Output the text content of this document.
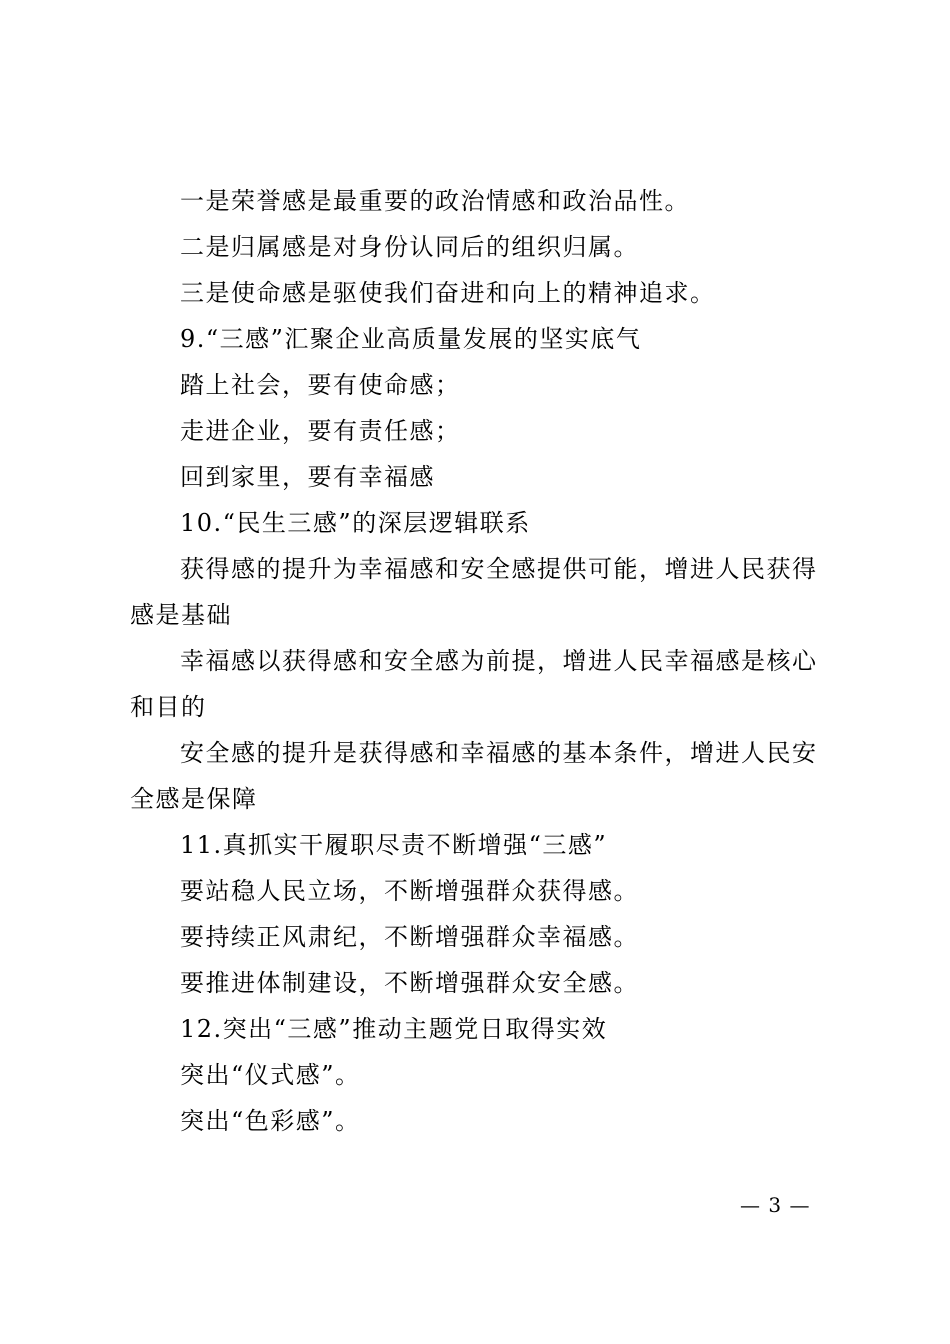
一是荣誉感是最重要的政治情感和政治品性。
二是归属感是对身份认同后的组织归属。
三是使命感是驱使我们奋进和向上的精神追求。
9.“三感”汇聚企业高质量发展的坚实底气
踏上社会，要有使命感；
走进企业，要有责任感；
回到家里，要有幸福感
10.“民生三感”的深层逻辑联系
获得感的提升为幸福感和安全感提供可能，增进人民获得
感是基础
幸福感以获得感和安全感为前提，增进人民幸福感是核心
和目的
安全感的提升是获得感和幸福感的基本条件，增进人民安
全感是保障
11.真抓实干履职尽责不断增强“三感”
要站稳人民立场，不断增强群众获得感。
要持续正风肃纪，不断增强群众幸福感。
要推进体制建设，不断增强群众安全感。
12.突出“三感”推动主题党日取得实效
突出“仪式感”。
突出“色彩感”。
— 3 —
